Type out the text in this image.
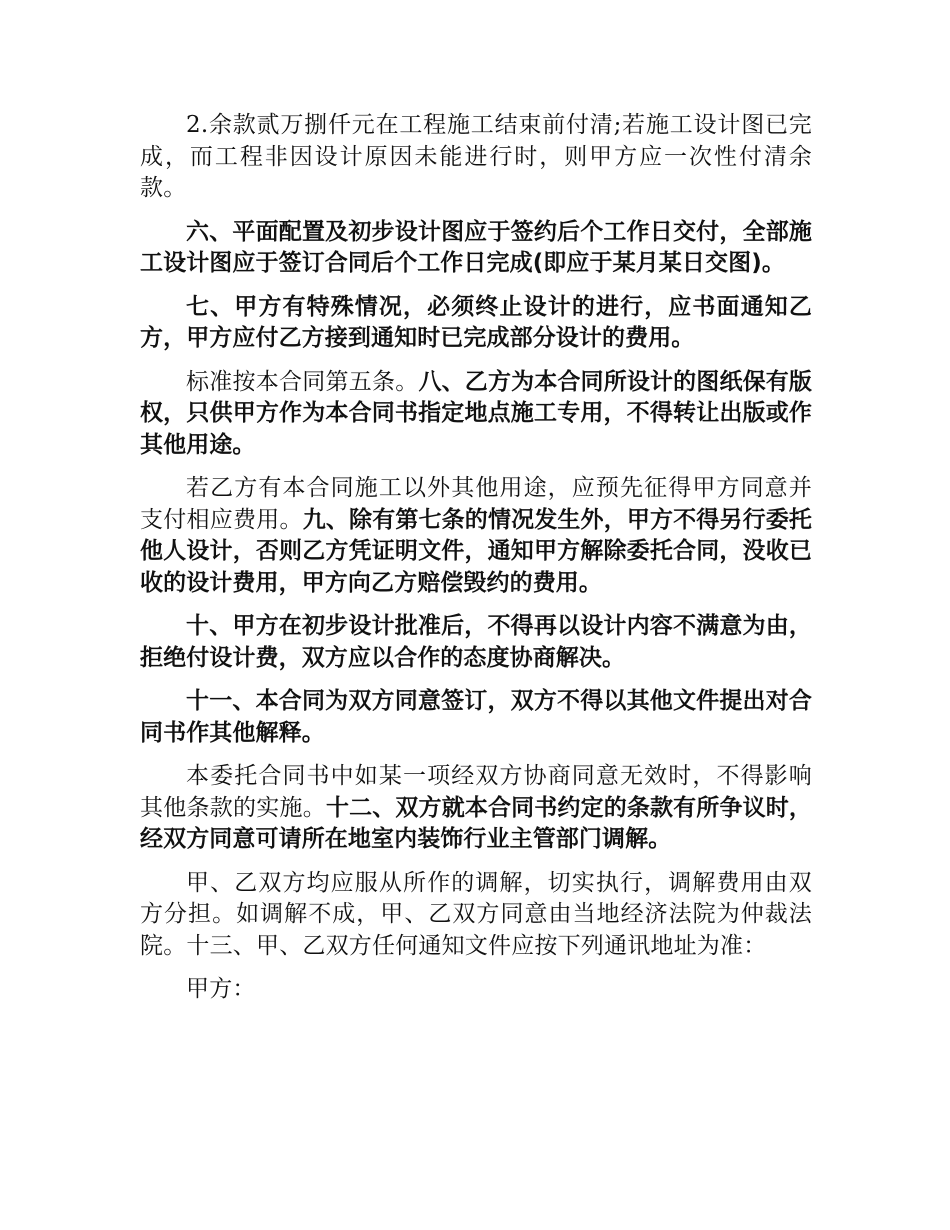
2.余款贰万捌仟元在工程施工结束前付清;若施工设计图已完成，而工程非因设计原因未能进行时，则甲方应一次性付清余款。

六、平面配置及初步设计图应于签约后个工作日交付，全部施工设计图应于签订合同后个工作日完成(即应于某月某日交图)。

七、甲方有特殊情况，必须终止设计的进行，应书面通知乙方，甲方应付乙方接到通知时已完成部分设计的费用。

标准按本合同第五条。八、乙方为本合同所设计的图纸保有版权，只供甲方作为本合同书指定地点施工专用，不得转让出版或作其他用途。

若乙方有本合同施工以外其他用途，应预先征得甲方同意并支付相应费用。九、除有第七条的情况发生外，甲方不得另行委托他人设计，否则乙方凭证明文件，通知甲方解除委托合同，没收已收的设计费用，甲方向乙方赔偿毁约的费用。

十、甲方在初步设计批准后，不得再以设计内容不满意为由，拒绝付设计费，双方应以合作的态度协商解决。

十一、本合同为双方同意签订，双方不得以其他文件提出对合同书作其他解释。

本委托合同书中如某一项经双方协商同意无效时，不得影响其他条款的实施。十二、双方就本合同书约定的条款有所争议时，经双方同意可请所在地室内装饰行业主管部门调解。

甲、乙双方均应服从所作的调解，切实执行，调解费用由双方分担。如调解不成，甲、乙双方同意由当地经济法院为仲裁法院。十三、甲、乙双方任何通知文件应按下列通讯地址为准：

甲方：
